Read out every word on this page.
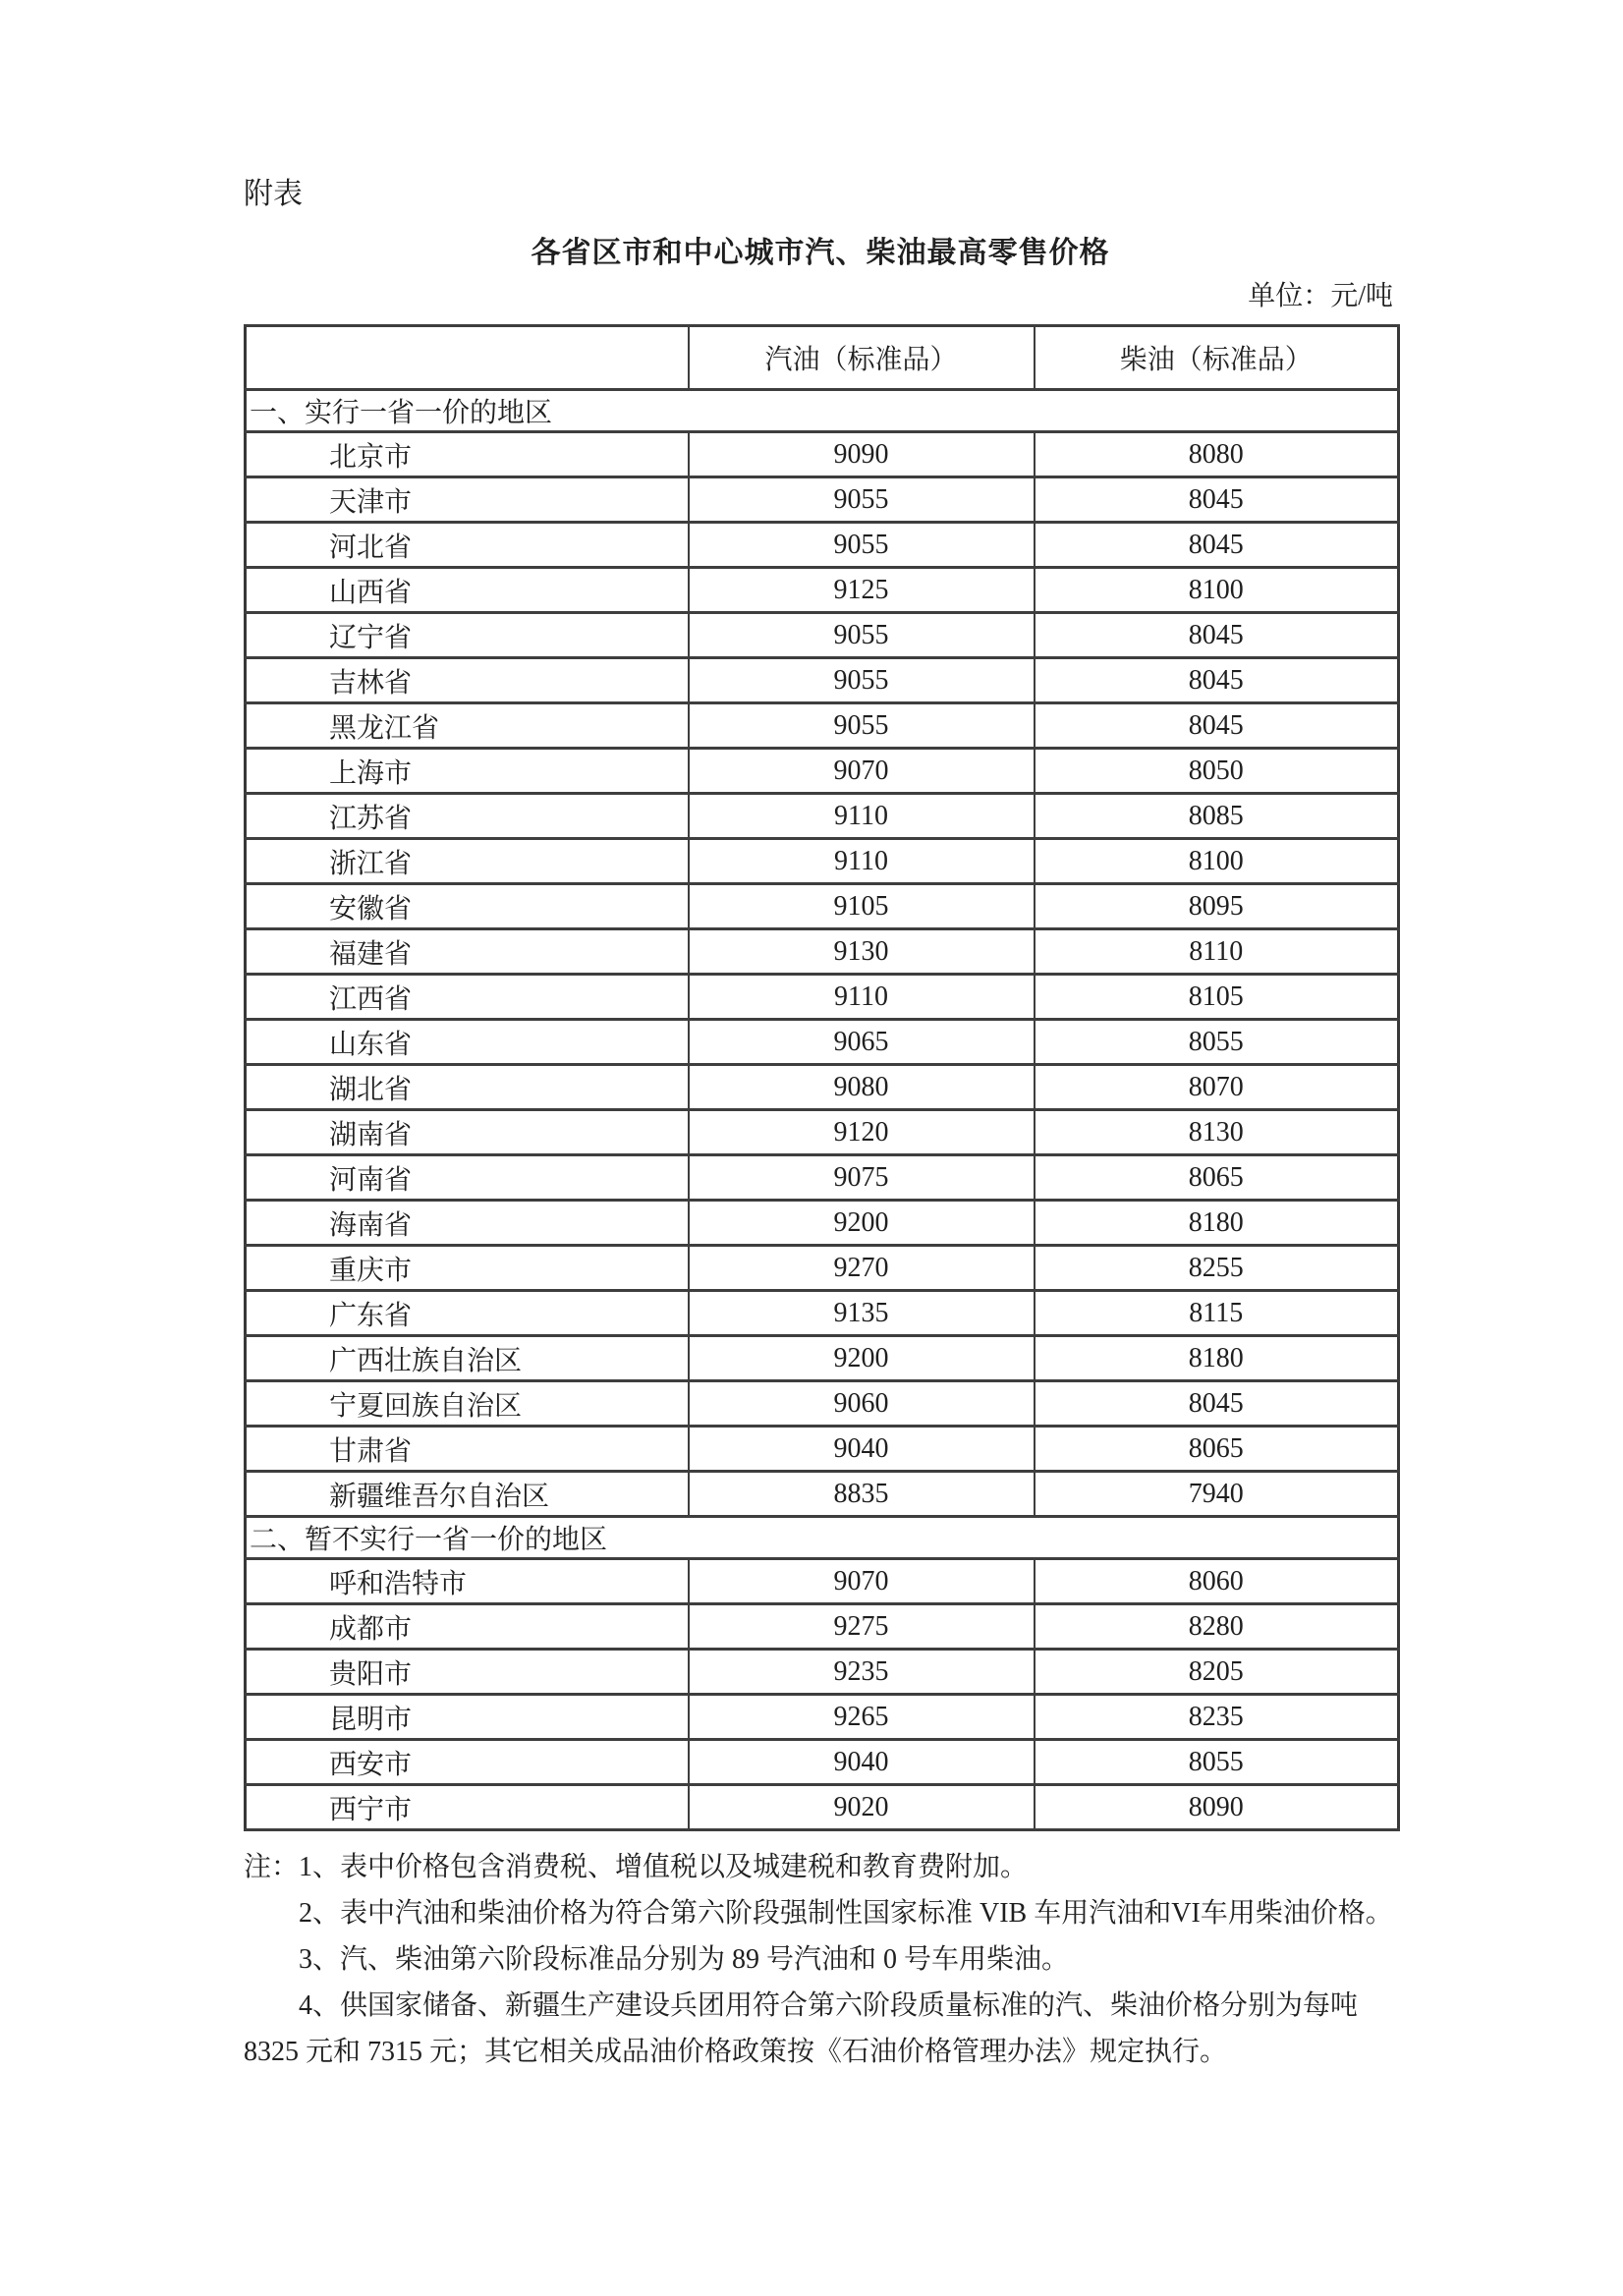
附表
各省区市和中心城市汽、柴油最高零售价格
单位：元/吨
	汽油（标准品）	柴油（标准品）
一、实行一省一价的地区		
北京市	9090	8080
天津市	9055	8045
河北省	9055	8045
山西省	9125	8100
辽宁省	9055	8045
吉林省	9055	8045
黑龙江省	9055	8045
上海市	9070	8050
江苏省	9110	8085
浙江省	9110	8100
安徽省	9105	8095
福建省	9130	8110
江西省	9110	8105
山东省	9065	8055
湖北省	9080	8070
湖南省	9120	8130
河南省	9075	8065
海南省	9200	8180
重庆市	9270	8255
广东省	9135	8115
广西壮族自治区	9200	8180
宁夏回族自治区	9060	8045
甘肃省	9040	8065
新疆维吾尔自治区	8835	7940
二、暂不实行一省一价的地区		
呼和浩特市	9070	8060
成都市	9275	8280
贵阳市	9235	8205
昆明市	9265	8235
西安市	9040	8055
西宁市	9020	8090

注：1、表中价格包含消费税、增值税以及城建税和教育费附加。

2、表中汽油和柴油价格为符合第六阶段强制性国家标准 VIB 车用汽油和VI车用柴油价格。

3、汽、柴油第六阶段标准品分别为 89 号汽油和 0 号车用柴油。

4、供国家储备、新疆生产建设兵团用符合第六阶段质量标准的汽、柴油价格分别为每吨 8325 元和 7315 元；其它相关成品油价格政策按《石油价格管理办法》规定执行。
